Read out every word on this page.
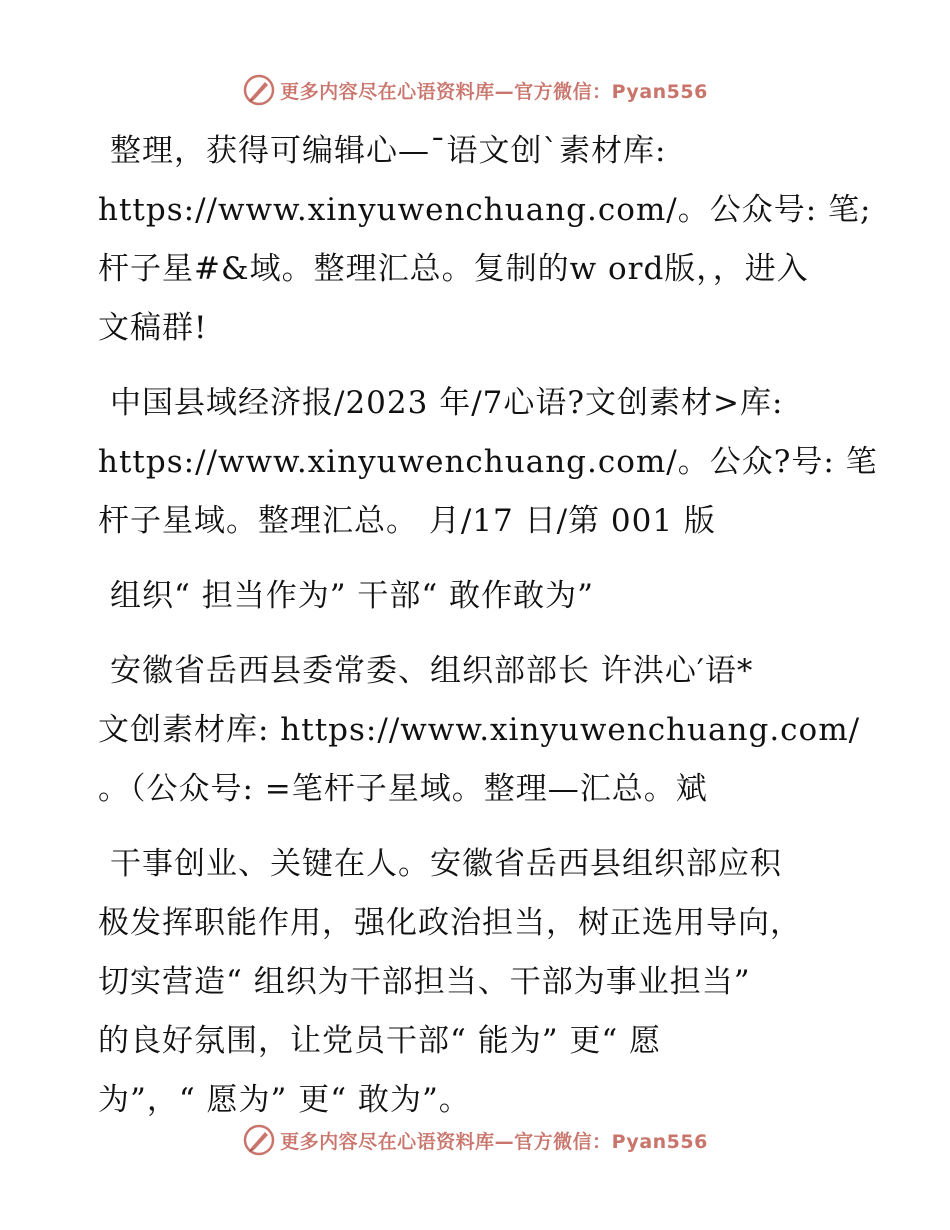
更多内容尽在心语资料库—官方微信：Pyan556

整理，获得可编辑心—¯语文创`素材库:
https://www.xinyuwenchuang.com/。公众号: 笔;
杆子星#&域。整理汇总。复制的w ord版，，进入
文稿群!

中国县域经济报/2023 年/7心语?文创素材>库:
https://www.xinyuwenchuang.com/。公众?号: 笔
杆子星域。整理汇总。 月/17 日/第 001 版

组织“ 担当作为” 干部“ 敢作敢为”

安徽省岳西县委常委、组织部部长 许洪心′语*
文创素材库: https://www.xinyuwenchuang.com/
。（公众号: =笔杆子星域。整理—汇总。斌

干事创业、关键在人。安徽省岳西县组织部应积
极发挥职能作用，强化政治担当，树正选用导向，
切实营造“ 组织为干部担当、干部为事业担当”
的良好氛围，让党员干部“ 能为” 更“ 愿
为”，“ 愿为” 更“ 敢为”。

更多内容尽在心语资料库—官方微信：Pyan556
